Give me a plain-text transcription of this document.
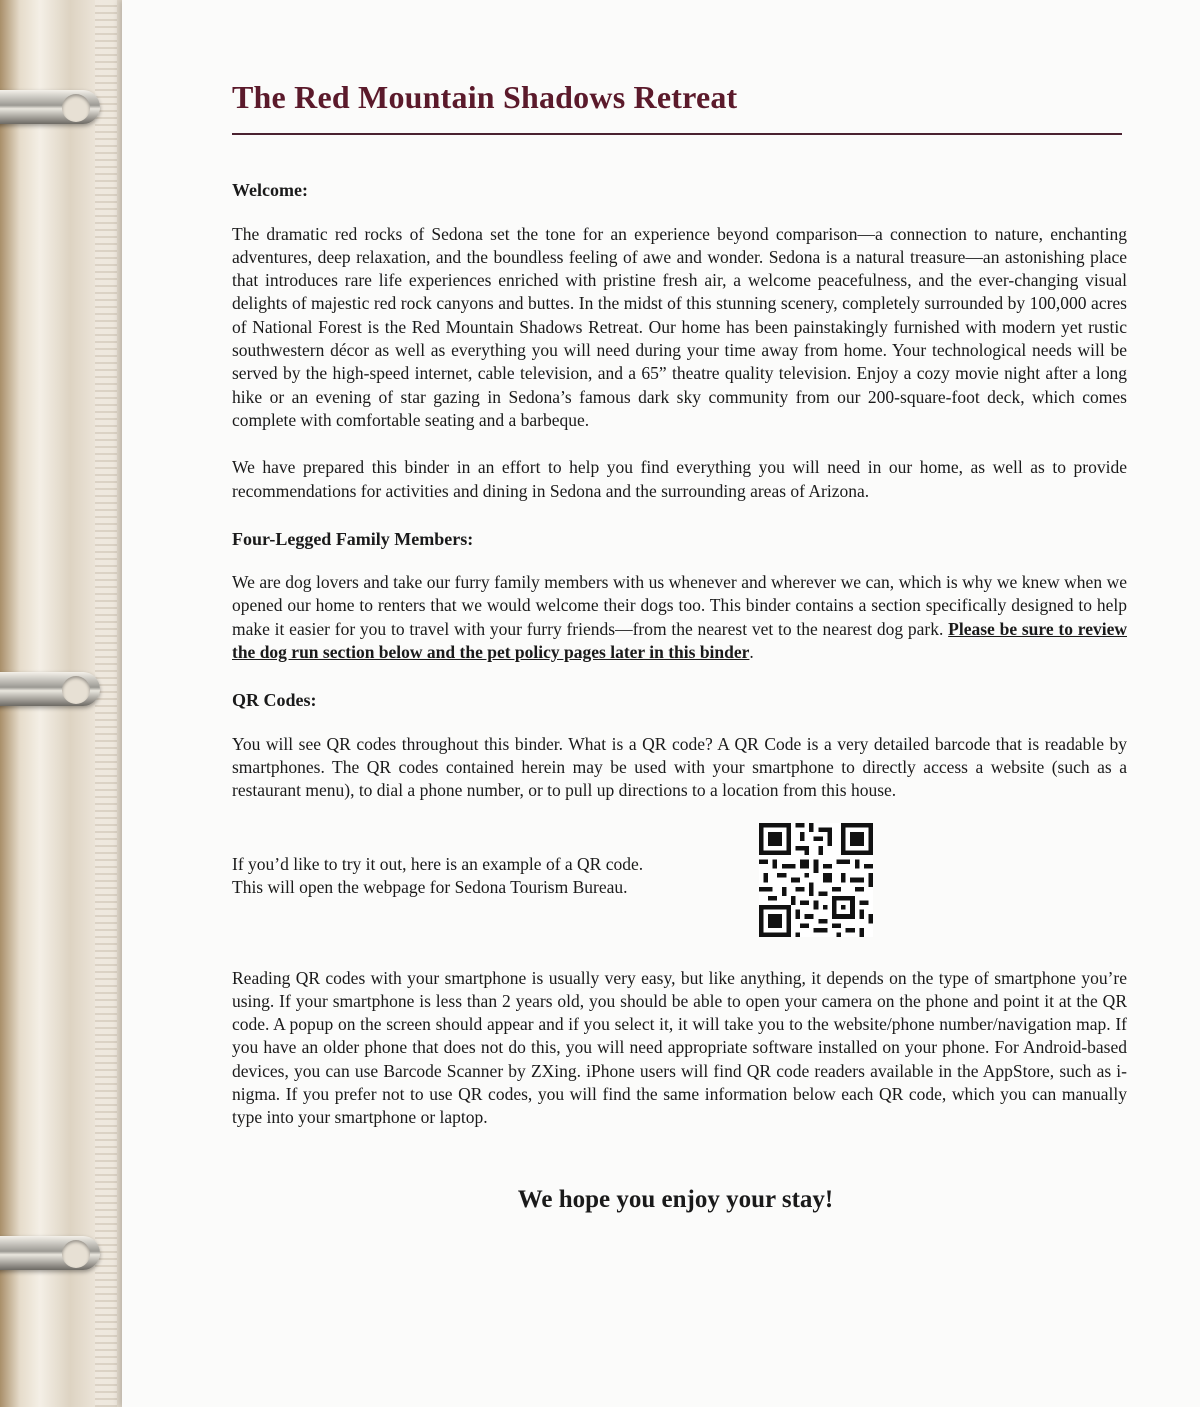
The Red Mountain Shadows Retreat
Welcome:

The dramatic red rocks of Sedona set the tone for an experience beyond comparison—a connection to nature, enchanting adventures, deep relaxation, and the boundless feeling of awe and wonder. Sedona is a natural treasure—an astonishing place that introduces rare life experiences enriched with pristine fresh air, a welcome peacefulness, and the ever-changing visual delights of majestic red rock canyons and buttes. In the midst of this stunning scenery, completely surrounded by 100,000 acres of National Forest is the Red Mountain Shadows Retreat. Our home has been painstakingly furnished with modern yet rustic southwestern décor as well as everything you will need during your time away from home. Your technological needs will be served by the high-speed internet, cable television, and a 65” theatre quality television. Enjoy a cozy movie night after a long hike or an evening of star gazing in Sedona’s famous dark sky community from our 200-square-foot deck, which comes complete with comfortable seating and a barbeque.

We have prepared this binder in an effort to help you find everything you will need in our home, as well as to provide recommendations for activities and dining in Sedona and the surrounding areas of Arizona.

Four-Legged Family Members:

We are dog lovers and take our furry family members with us whenever and wherever we can, which is why we knew when we opened our home to renters that we would welcome their dogs too. This binder contains a section specifically designed to help make it easier for you to travel with your furry friends—from the nearest vet to the nearest dog park. Please be sure to review the dog run section below and the pet policy pages later in this binder.

QR Codes:

You will see QR codes throughout this binder. What is a QR code? A QR Code is a very detailed barcode that is readable by smartphones. The QR codes contained herein may be used with your smartphone to directly access a website (such as a restaurant menu), to dial a phone number, or to pull up directions to a location from this house.

If you’d like to try it out, here is an example of a QR code.
This will open the webpage for Sedona Tourism Bureau.

Reading QR codes with your smartphone is usually very easy, but like anything, it depends on the type of smartphone you’re using. If your smartphone is less than 2 years old, you should be able to open your camera on the phone and point it at the QR code. A popup on the screen should appear and if you select it, it will take you to the website/phone number/navigation map. If you have an older phone that does not do this, you will need appropriate software installed on your phone. For Android-based devices, you can use Barcode Scanner by ZXing. iPhone users will find QR code readers available in the AppStore, such as i-nigma. If you prefer not to use QR codes, you will find the same information below each QR code, which you can manually type into your smartphone or laptop.

We hope you enjoy your stay!
